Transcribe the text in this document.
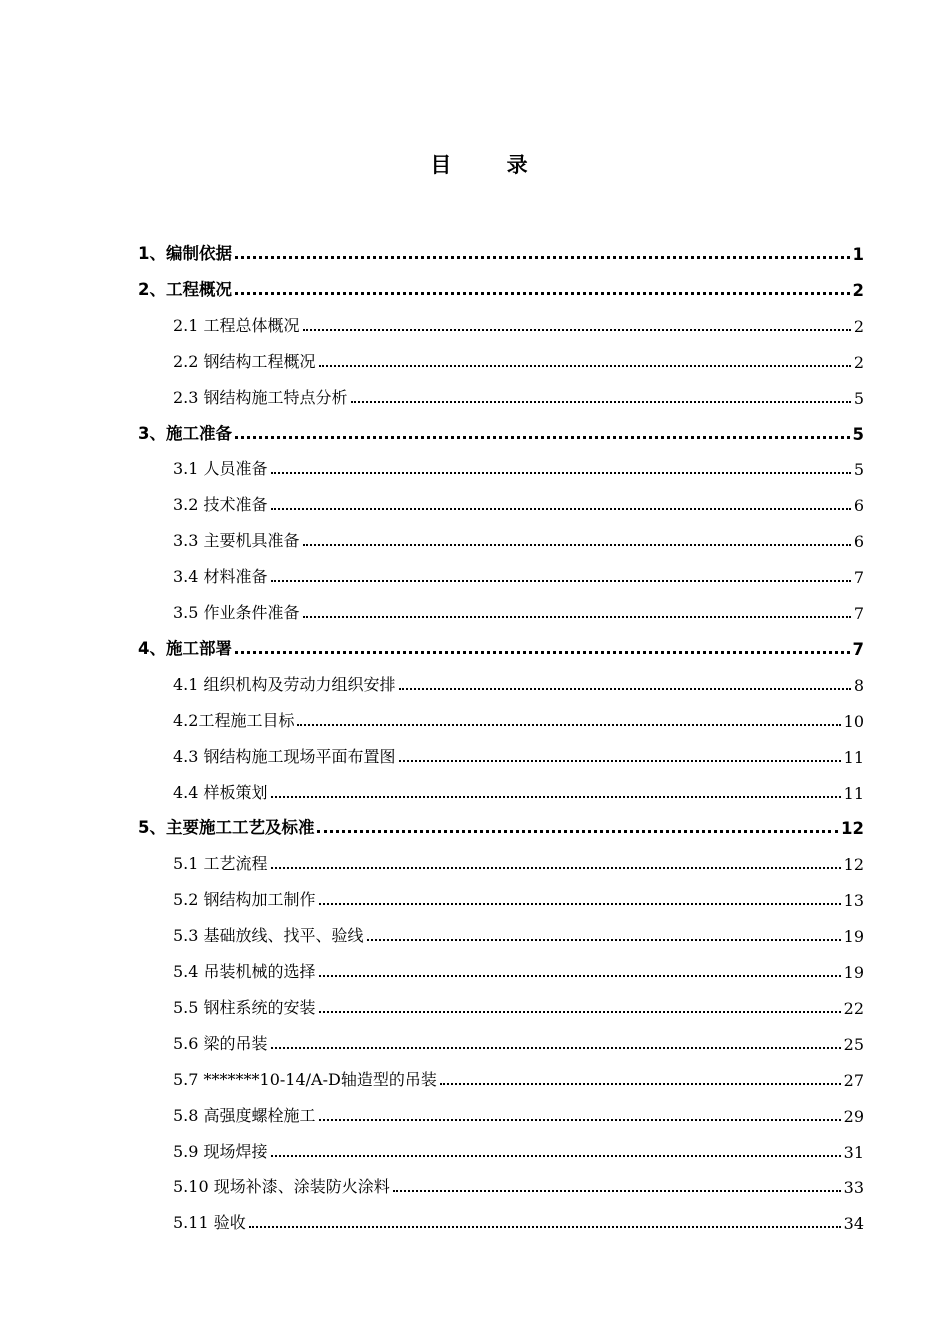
目 录
1、编制依据	1
2、工程概况	2
2.1 工程总体概况	2
2.2 钢结构工程概况	2
2.3 钢结构施工特点分析	5
3、施工准备	5
3.1 人员准备	5
3.2 技术准备	6
3.3 主要机具准备	6
3.4 材料准备	7
3.5 作业条件准备	7
4、施工部署	7
4.1 组织机构及劳动力组织安排	8
4.2工程施工目标	10
4.3 钢结构施工现场平面布置图	11
4.4 样板策划	11
5、主要施工工艺及标准	12
5.1 工艺流程	12
5.2 钢结构加工制作	13
5.3 基础放线、找平、验线	19
5.4 吊装机械的选择	19
5.5 钢柱系统的安装	22
5.6 梁的吊装	25
5.7 *******10-14/A-D轴造型的吊装	27
5.8 高强度螺栓施工	29
5.9 现场焊接	31
5.10 现场补漆、涂装防火涂料	33
5.11 验收	34
